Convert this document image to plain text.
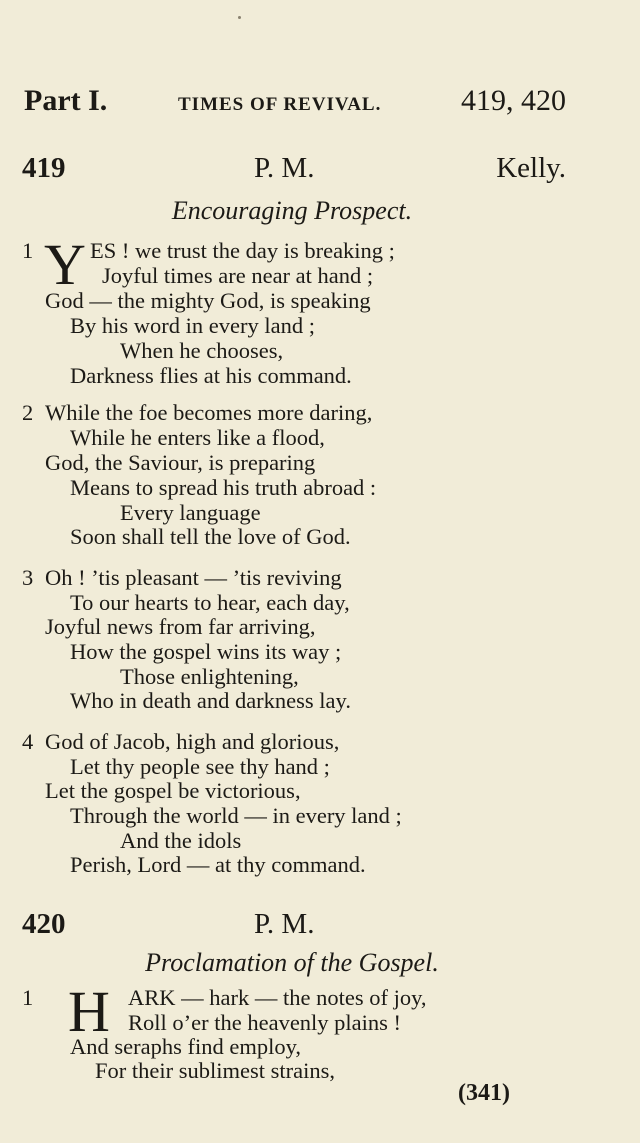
Part I.	TIMES OF REVIVAL.	419, 420
419	P. M.	Kelly.
Encouraging Prospect.
1 Y ES ! we trust the day is breaking ;
Joyful times are near at hand ;
God — the mighty God, is speaking
By his word in every land ;
When he chooses,
Darkness flies at his command.
2 While the foe becomes more daring,
While he enters like a flood,
God, the Saviour, is preparing
Means to spread his truth abroad :
Every language
Soon shall tell the love of God.
3 Oh ! ’tis pleasant — ’tis reviving
To our hearts to hear, each day,
Joyful news from far arriving,
How the gospel wins its way ;
Those enlightening,
Who in death and darkness lay.
4 God of Jacob, high and glorious,
Let thy people see thy hand ;
Let the gospel be victorious,
Through the world — in every land ;
And the idols
Perish, Lord — at thy command.
420	P. M.
Proclamation of the Gospel.
1 H ARK — hark — the notes of joy,
Roll o’er the heavenly plains !
And seraphs find employ,
For their sublimest strains,
(341)
